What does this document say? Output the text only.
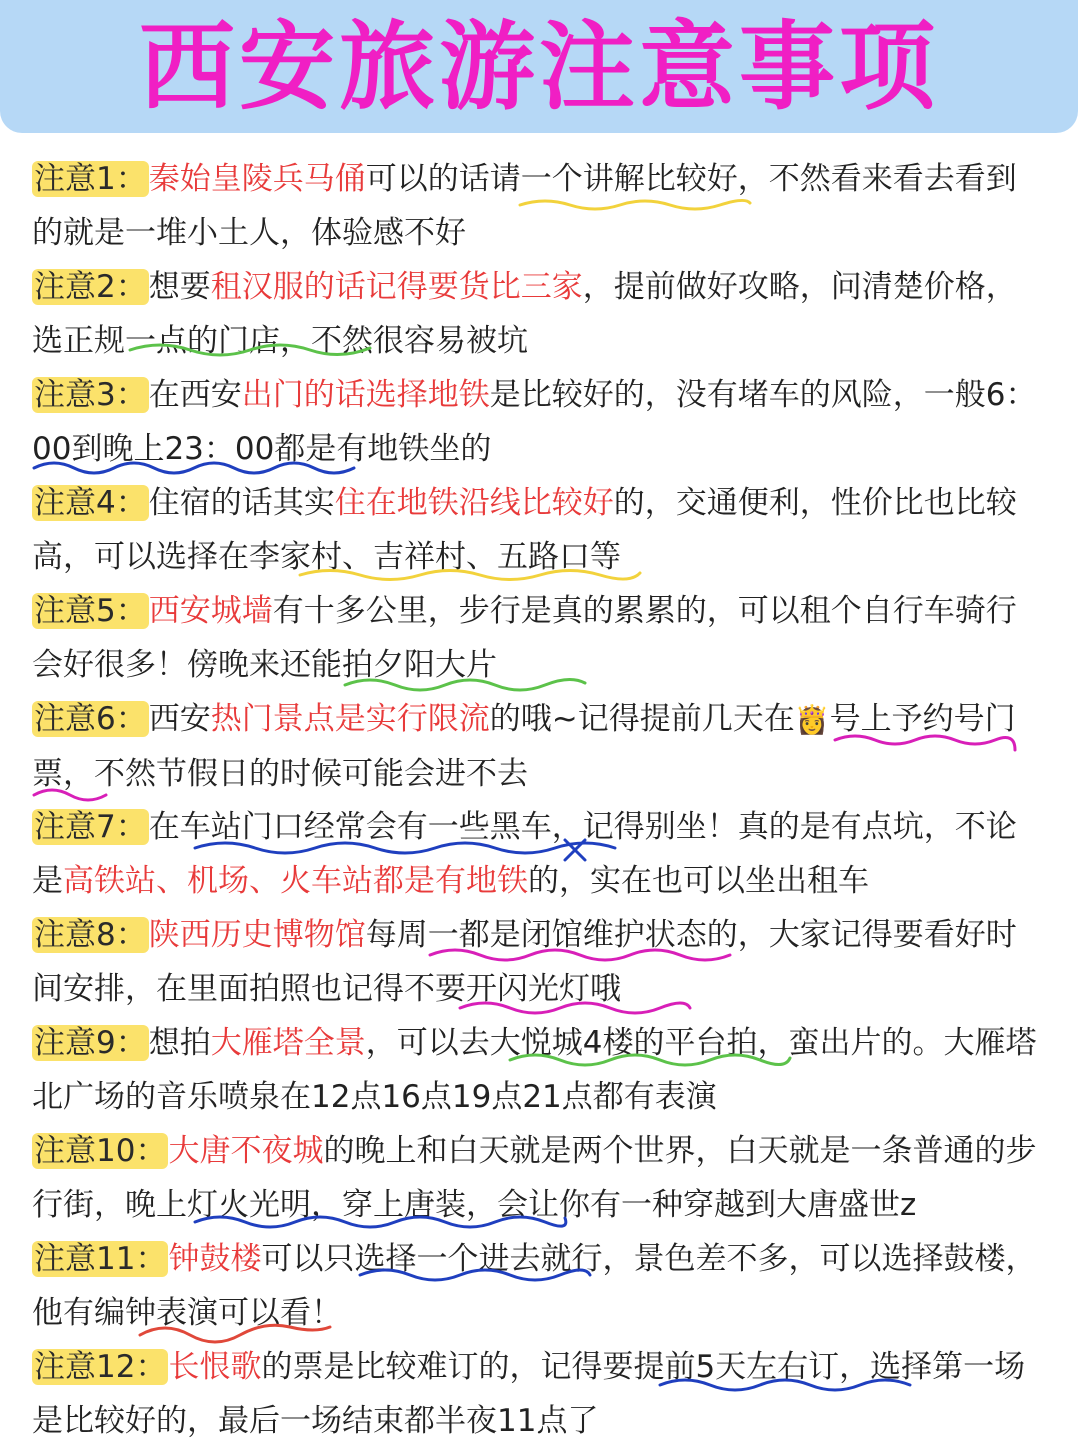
西安旅游注意事项
注意1：秦始皇陵兵马俑可以的话请一个讲解比较好，不然看来看去看到的就是一堆小土人，体验感不好
注意2：想要租汉服的话记得要货比三家，提前做好攻略，问清楚价格，选正规一点的门店，不然很容易被坑
注意3：在西安出门的话选择地铁是比较好的，没有堵车的风险，一般6：00到晚上23：00都是有地铁坐的
注意4：住宿的话其实住在地铁沿线比较好的，交通便利，性价比也比较高，可以选择在李家村、吉祥村、五路口等
注意5：西安城墙有十多公里，步行是真的累累的，可以租个自行车骑行会好很多！傍晚来还能拍夕阳大片
注意6：西安热门景点是实行限流的哦~记得提前几天在👸号上予约号门票，不然节假日的时候可能会进不去
注意7：在车站门口经常会有一些黑车，记得别坐！真的是有点坑，不论是高铁站、机场、火车站都是有地铁的，实在也可以坐出租车
注意8：陕西历史博物馆每周一都是闭馆维护状态的，大家记得要看好时间安排，在里面拍照也记得不要开闪光灯哦
注意9：想拍大雁塔全景，可以去大悦城4楼的平台拍，蛮出片的。大雁塔北广场的音乐喷泉在12点16点19点21点都有表演
注意10：大唐不夜城的晚上和白天就是两个世界，白天就是一条普通的步行街，晚上灯火光明，穿上唐装，会让你有一种穿越到大唐盛世z
注意11：钟鼓楼可以只选择一个进去就行，景色差不多，可以选择鼓楼，他有编钟表演可以看！
注意12：长恨歌的票是比较难订的，记得要提前5天左右订，选择第一场是比较好的，最后一场结束都半夜11点了
